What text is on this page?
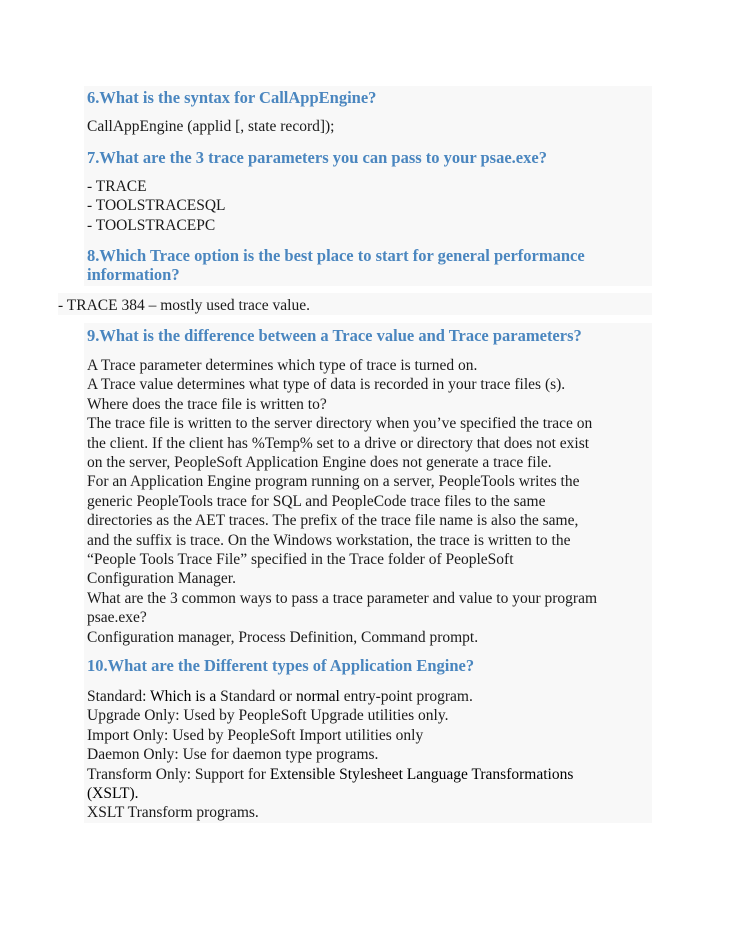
6.What is the syntax for CallAppEngine?

CallAppEngine (applid [, state record]);

7.What are the 3 trace parameters you can pass to your psae.exe?

- TRACE
- TOOLSTRACESQL
- TOOLSTRACEPC
8.Which Trace option is the best place to start for general performance
information?

- TRACE 384 – mostly used trace value.

9.What is the difference between a Trace value and Trace parameters?

A Trace parameter determines which type of trace is turned on.
A Trace value determines what type of data is recorded in your trace files (s).
Where does the trace file is written to?
The trace file is written to the server directory when you’ve specified the trace on
the client. If the client has %Temp% set to a drive or directory that does not exist
on the server, PeopleSoft Application Engine does not generate a trace file.
For an Application Engine program running on a server, PeopleTools writes the
generic PeopleTools trace for SQL and PeopleCode trace files to the same
directories as the AET traces. The prefix of the trace file name is also the same,
and the suffix is trace. On the Windows workstation, the trace is written to the
“People Tools Trace File” specified in the Trace folder of PeopleSoft
Configuration Manager.
What are the 3 common ways to pass a trace parameter and value to your program
psae.exe?
Configuration manager, Process Definition, Command prompt.

10.What are the Different types of Application Engine?

Standard: Which is a Standard or normal entry-point program.
Upgrade Only: Used by PeopleSoft Upgrade utilities only.
Import Only: Used by PeopleSoft Import utilities only
Daemon Only: Use for daemon type programs.
Transform Only: Support for Extensible Stylesheet Language Transformations
(XSLT).
XSLT Transform programs.
